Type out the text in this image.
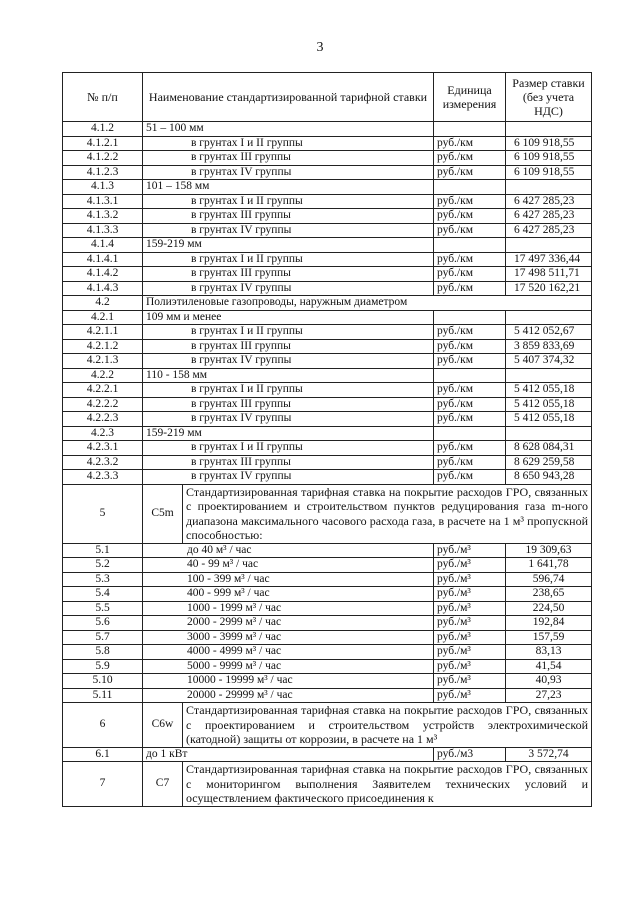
3
№ п/п	Наименование стандартизированной тарифной ставки		Единица измерения	Размер ставки (без учета НДС)
4.1.2	51 – 100 мм			
4.1.2.1	в грунтах I и II группы		руб./км	6 109 918,55
4.1.2.2	в грунтах III группы		руб./км	6 109 918,55
4.1.2.3	в грунтах IV группы		руб./км	6 109 918,55
4.1.3	101 – 158 мм			
4.1.3.1	в грунтах I и II группы		руб./км	6 427 285,23
4.1.3.2	в грунтах III группы		руб./км	6 427 285,23
4.1.3.3	в грунтах IV группы		руб./км	6 427 285,23
4.1.4	159-219 мм			
4.1.4.1	в грунтах I и II группы		руб./км	17 497 336,44
4.1.4.2	в грунтах III группы		руб./км	17 498 511,71
4.1.4.3	в грунтах IV группы		руб./км	17 520 162,21
4.2	Полиэтиленовые газопроводы, наружным диаметром			
4.2.1	109 мм и менее			
4.2.1.1	в грунтах I и II группы		руб./км	5 412 052,67
4.2.1.2	в грунтах III группы		руб./км	3 859 833,69
4.2.1.3	в грунтах IV группы		руб./км	5 407 374,32
4.2.2	110 - 158 мм			
4.2.2.1	в грунтах I и II группы		руб./км	5 412 055,18
4.2.2.2	в грунтах III группы		руб./км	5 412 055,18
4.2.2.3	в грунтах IV группы		руб./км	5 412 055,18
4.2.3	159-219 мм			
4.2.3.1	в грунтах I и II группы		руб./км	8 628 084,31
4.2.3.2	в грунтах III группы		руб./км	8 629 259,58
4.2.3.3	в грунтах IV группы		руб./км	8 650 943,28
5	C5m	Стандартизированная тарифная ставка на покрытие расходов ГРО, связанных с проектированием и строительством пунктов редуцирования газа m-ного диапазона максимального часового расхода газа, в расчете на 1 м³ пропускной способностью:		
5.1	до 40 м³ / час		руб./м³	19 309,63
5.2	40 - 99 м³ / час		руб./м³	1 641,78
5.3	100 - 399 м³ / час		руб./м³	596,74
5.4	400 - 999 м³ / час		руб./м³	238,65
5.5	1000 - 1999 м³ / час		руб./м³	224,50
5.6	2000 - 2999 м³ / час		руб./м³	192,84
5.7	3000 - 3999 м³ / час		руб./м³	157,59
5.8	4000 - 4999 м³ / час		руб./м³	83,13
5.9	5000 - 9999 м³ / час		руб./м³	41,54
5.10	10000 - 19999 м³ / час		руб./м³	40,93
5.11	20000 - 29999 м³ / час		руб./м³	27,23
6	C6w	Стандартизированная тарифная ставка на покрытие расходов ГРО, связанных с проектированием и строительством устройств электрохимической (катодной) защиты от коррозии, в расчете на 1 м³		
6.1	до 1 кВт		руб./м3	3 572,74
7	C7	Стандартизированная тарифная ставка на покрытие расходов ГРО, связанных с мониторингом выполнения Заявителем технических условий и осуществлением фактического присоединения к		
